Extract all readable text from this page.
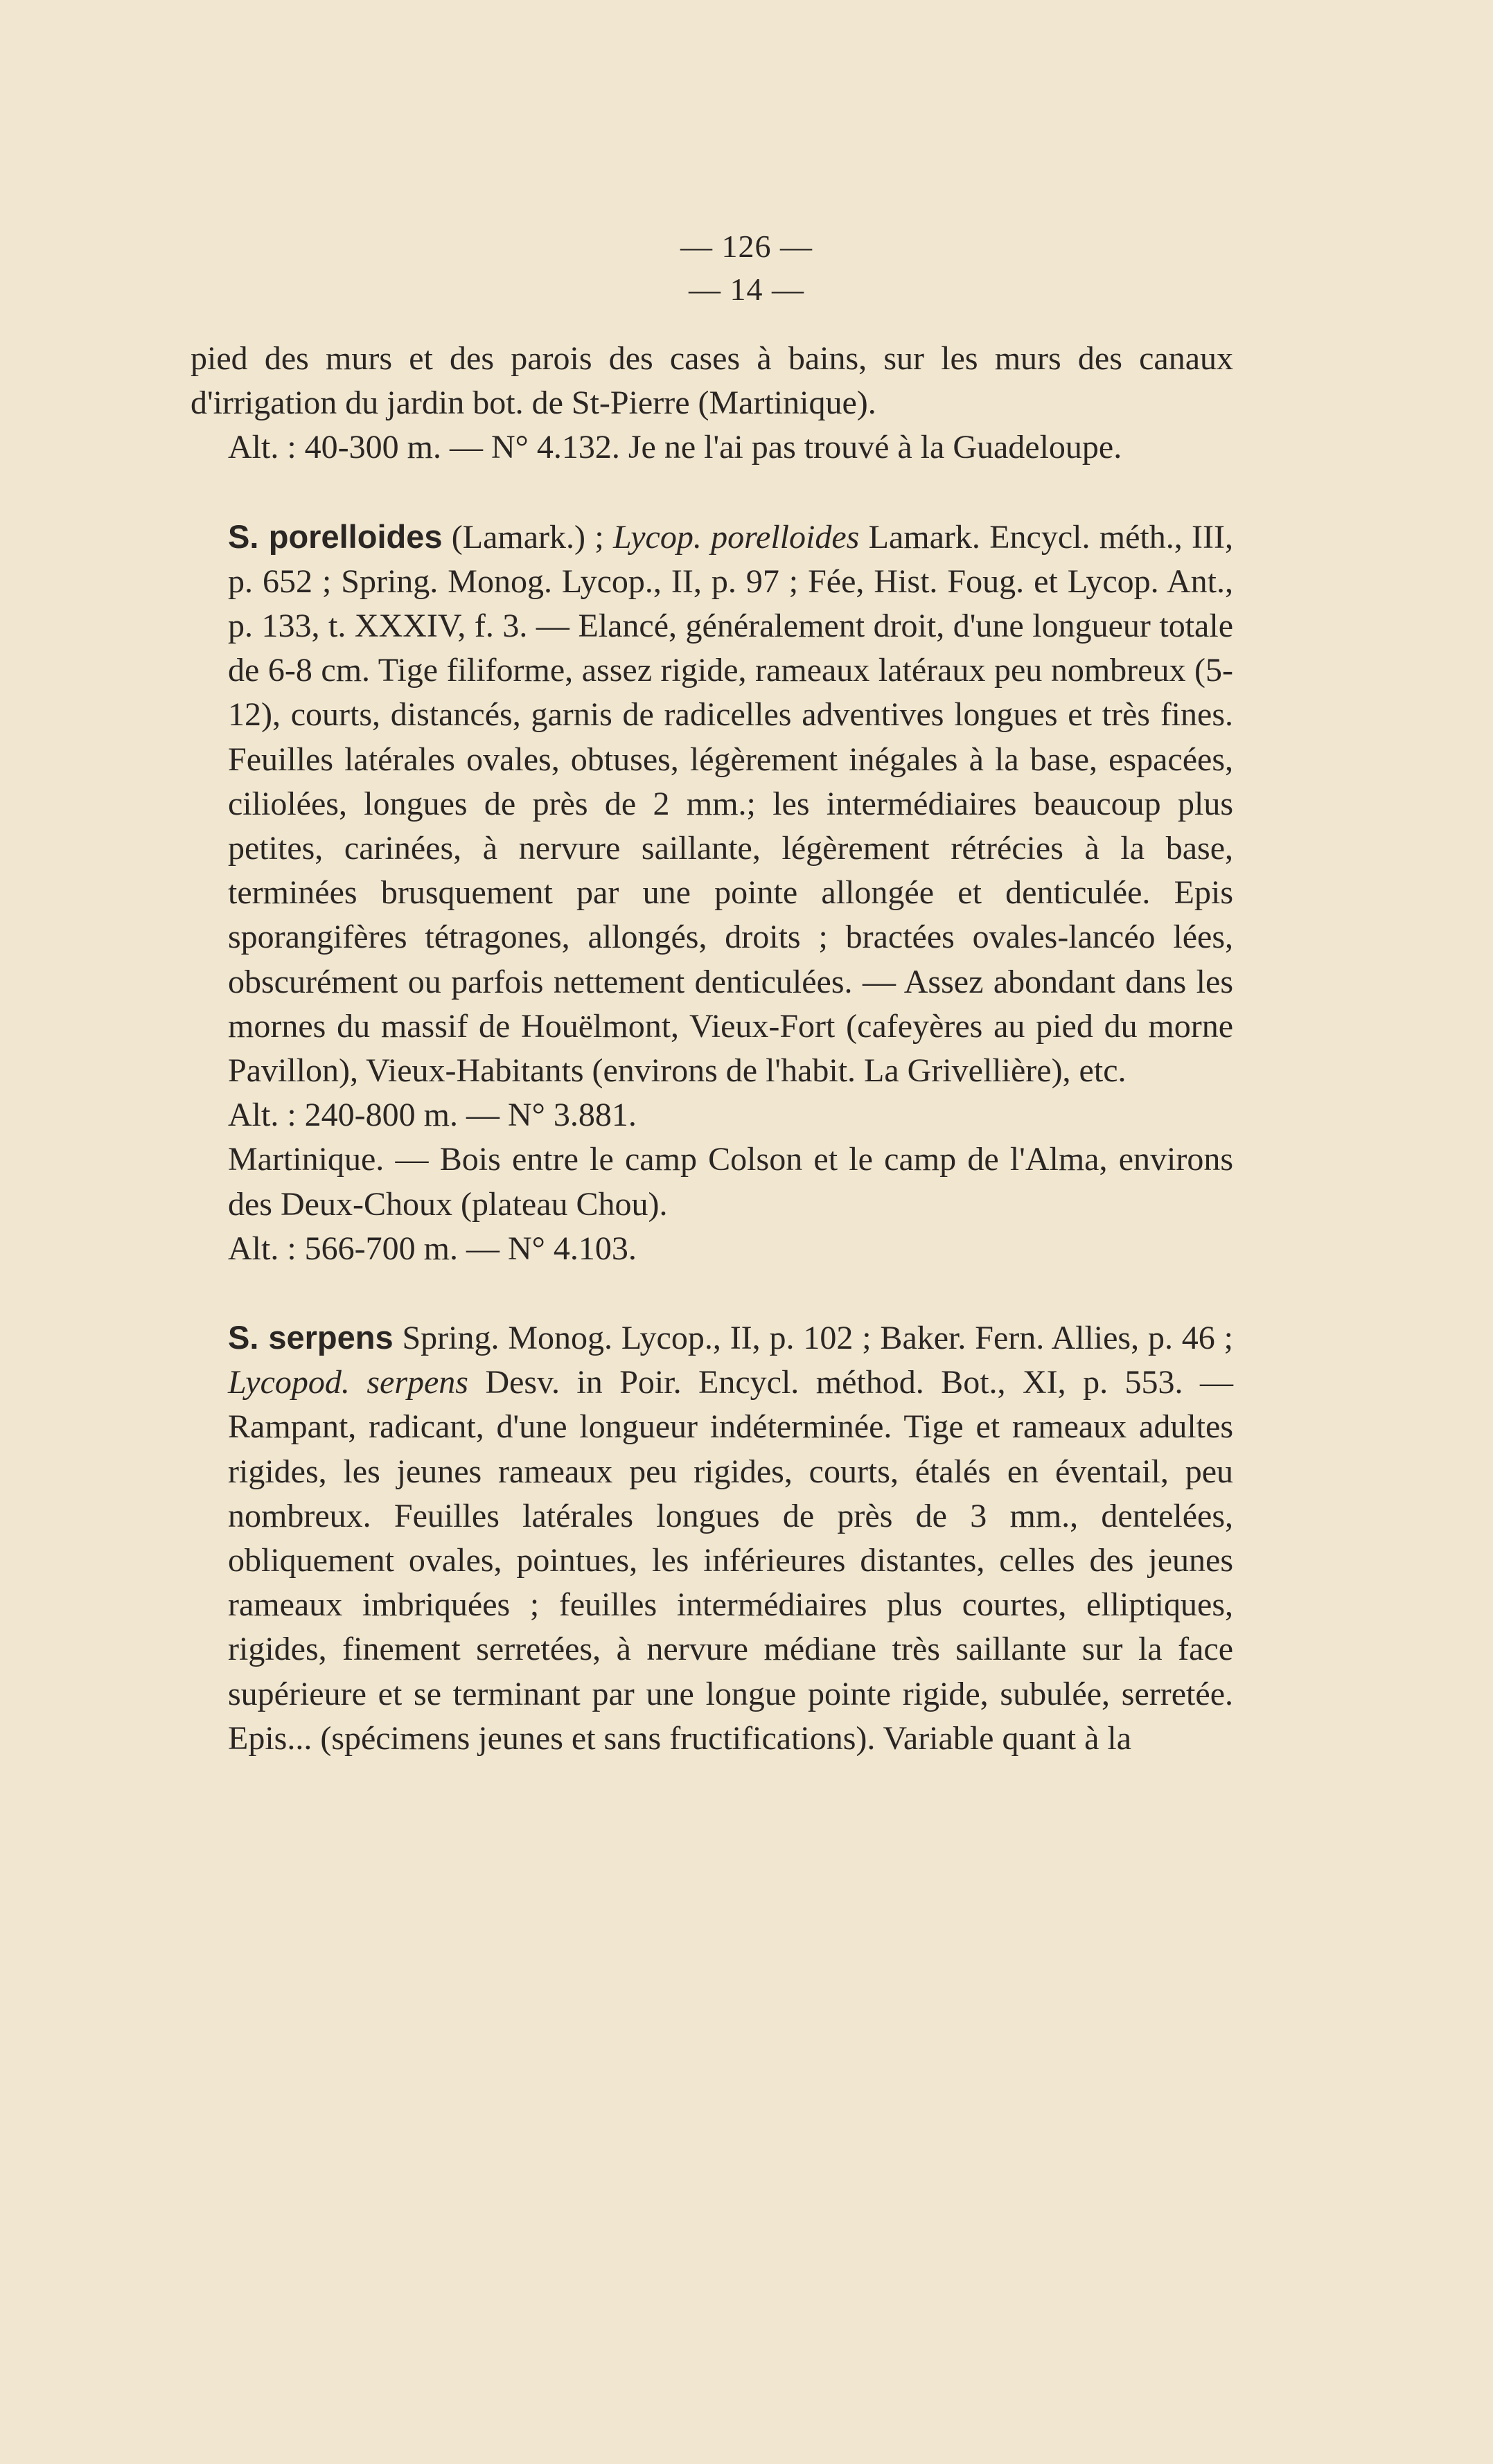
— 126 —
— 14 —

pied des murs et des parois des cases à bains, sur les murs des canaux d'irrigation du jardin bot. de St-Pierre (Martinique).

Alt. : 40-300 m. — N° 4.132. Je ne l'ai pas trouvé à la Guadeloupe.

S. porelloides (Lamark.) ; Lycop. porelloides Lamark. Encycl. méth., III, p. 652 ; Spring. Monog. Lycop., II, p. 97 ; Fée, Hist. Foug. et Lycop. Ant., p. 133, t. XXXIV, f. 3. — Elancé, généralement droit, d'une longueur totale de 6-8 cm. Tige filiforme, assez rigide, rameaux latéraux peu nombreux (5-12), courts, distancés, garnis de radicelles adventives longues et très fines. Feuilles latérales ovales, obtuses, légèrement inégales à la base, espacées, ciliolées, longues de près de 2 mm.; les intermédiaires beaucoup plus petites, carinées, à nervure saillante, légèrement rétrécies à la base, terminées brusquement par une pointe allongée et denticulée. Epis sporangifères tétragones, allongés, droits ; bractées ovales-lancéo lées, obscurément ou parfois nettement denticulées. — Assez abondant dans les mornes du massif de Houëlmont, Vieux-Fort (cafeyères au pied du morne Pavillon), Vieux-Habitants (environs de l'habit. La Grivellière), etc.

Alt. : 240-800 m. — N° 3.881.

Martinique. — Bois entre le camp Colson et le camp de l'Alma, environs des Deux-Choux (plateau Chou).

Alt. : 566-700 m. — N° 4.103.

S. serpens Spring. Monog. Lycop., II, p. 102 ; Baker. Fern. Allies, p. 46 ; Lycopod. serpens Desv. in Poir. Encycl. méthod. Bot., XI, p. 553. — Rampant, radicant, d'une longueur indéterminée. Tige et rameaux adultes rigides, les jeunes rameaux peu rigides, courts, étalés en éventail, peu nombreux. Feuilles latérales longues de près de 3 mm., dentelées, obliquement ovales, pointues, les inférieures distantes, celles des jeunes rameaux imbriquées ; feuilles intermédiaires plus courtes, elliptiques, rigides, finement serretées, à nervure médiane très saillante sur la face supérieure et se terminant par une longue pointe rigide, subulée, serretée. Epis... (spécimens jeunes et sans fructifications). Variable quant à la
